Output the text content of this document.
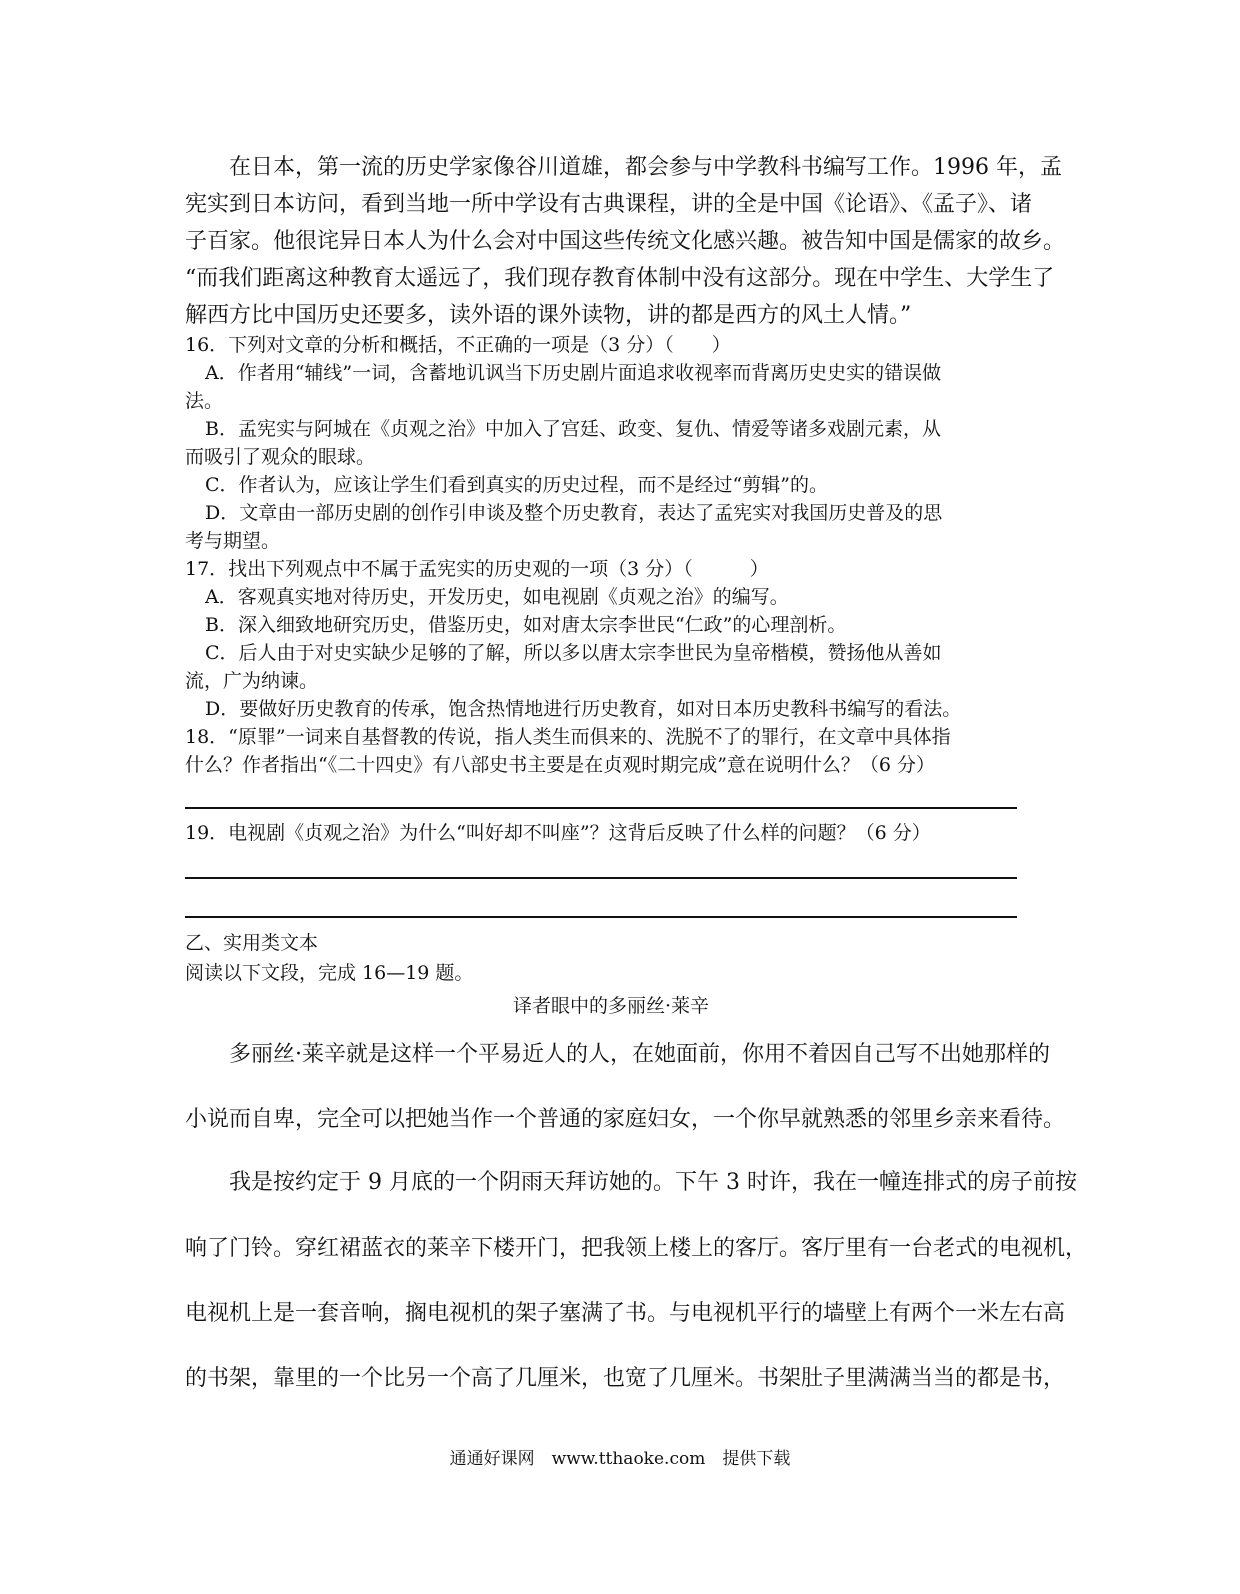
　　在日本，第一流的历史学家像谷川道雄，都会参与中学教科书编写工作。1996 年，孟
宪实到日本访问，看到当地一所中学设有古典课程，讲的全是中国《论语》、《孟子》、诸
子百家。他很诧异日本人为什么会对中国这些传统文化感兴趣。被告知中国是儒家的故乡。
“而我们距离这种教育太遥远了，我们现存教育体制中没有这部分。现在中学生、大学生了
解西方比中国历史还要多，读外语的课外读物，讲的都是西方的风土人情。”
16．下列对文章的分析和概括，不正确的一项是（3 分）（　　）
A．作者用“辅线”一词，含蓄地讥讽当下历史剧片面追求收视率而背离历史史实的错误做
法。
B．孟宪实与阿城在《贞观之治》中加入了宫廷、政变、复仇、情爱等诸多戏剧元素，从
而吸引了观众的眼球。
C．作者认为，应该让学生们看到真实的历史过程，而不是经过“剪辑”的。
D．文章由一部历史剧的创作引申谈及整个历史教育，表达了孟宪实对我国历史普及的思
考与期望。
17．找出下列观点中不属于孟宪实的历史观的一项（3 分）（　　　）
A．客观真实地对待历史，开发历史，如电视剧《贞观之治》的编写。
B．深入细致地研究历史，借鉴历史，如对唐太宗李世民“仁政”的心理剖析。
C．后人由于对史实缺少足够的了解，所以多以唐太宗李世民为皇帝楷模，赞扬他从善如
流，广为纳谏。
D．要做好历史教育的传承，饱含热情地进行历史教育，如对日本历史教科书编写的看法。
18．“原罪”一词来自基督教的传说，指人类生而俱来的、洗脱不了的罪行，在文章中具体指
什么？作者指出“《二十四史》有八部史书主要是在贞观时期完成”意在说明什么？（6 分）
19．电视剧《贞观之治》为什么“叫好却不叫座”？这背后反映了什么样的问题？（6 分）
乙、实用类文本
阅读以下文段，完成 16—19 题。
译者眼中的多丽丝·莱辛
　　多丽丝·莱辛就是这样一个平易近人的人，在她面前，你用不着因自己写不出她那样的
小说而自卑，完全可以把她当作一个普通的家庭妇女，一个你早就熟悉的邻里乡亲来看待。
　　我是按约定于 9 月底的一个阴雨天拜访她的。下午 3 时许，我在一幢连排式的房子前按
响了门铃。穿红裙蓝衣的莱辛下楼开门，把我领上楼上的客厅。客厅里有一台老式的电视机，
电视机上是一套音响，搁电视机的架子塞满了书。与电视机平行的墙壁上有两个一米左右高
的书架，靠里的一个比另一个高了几厘米，也宽了几厘米。书架肚子里满满当当的都是书，
通通好课网　www.tthaoke.com　提供下载
